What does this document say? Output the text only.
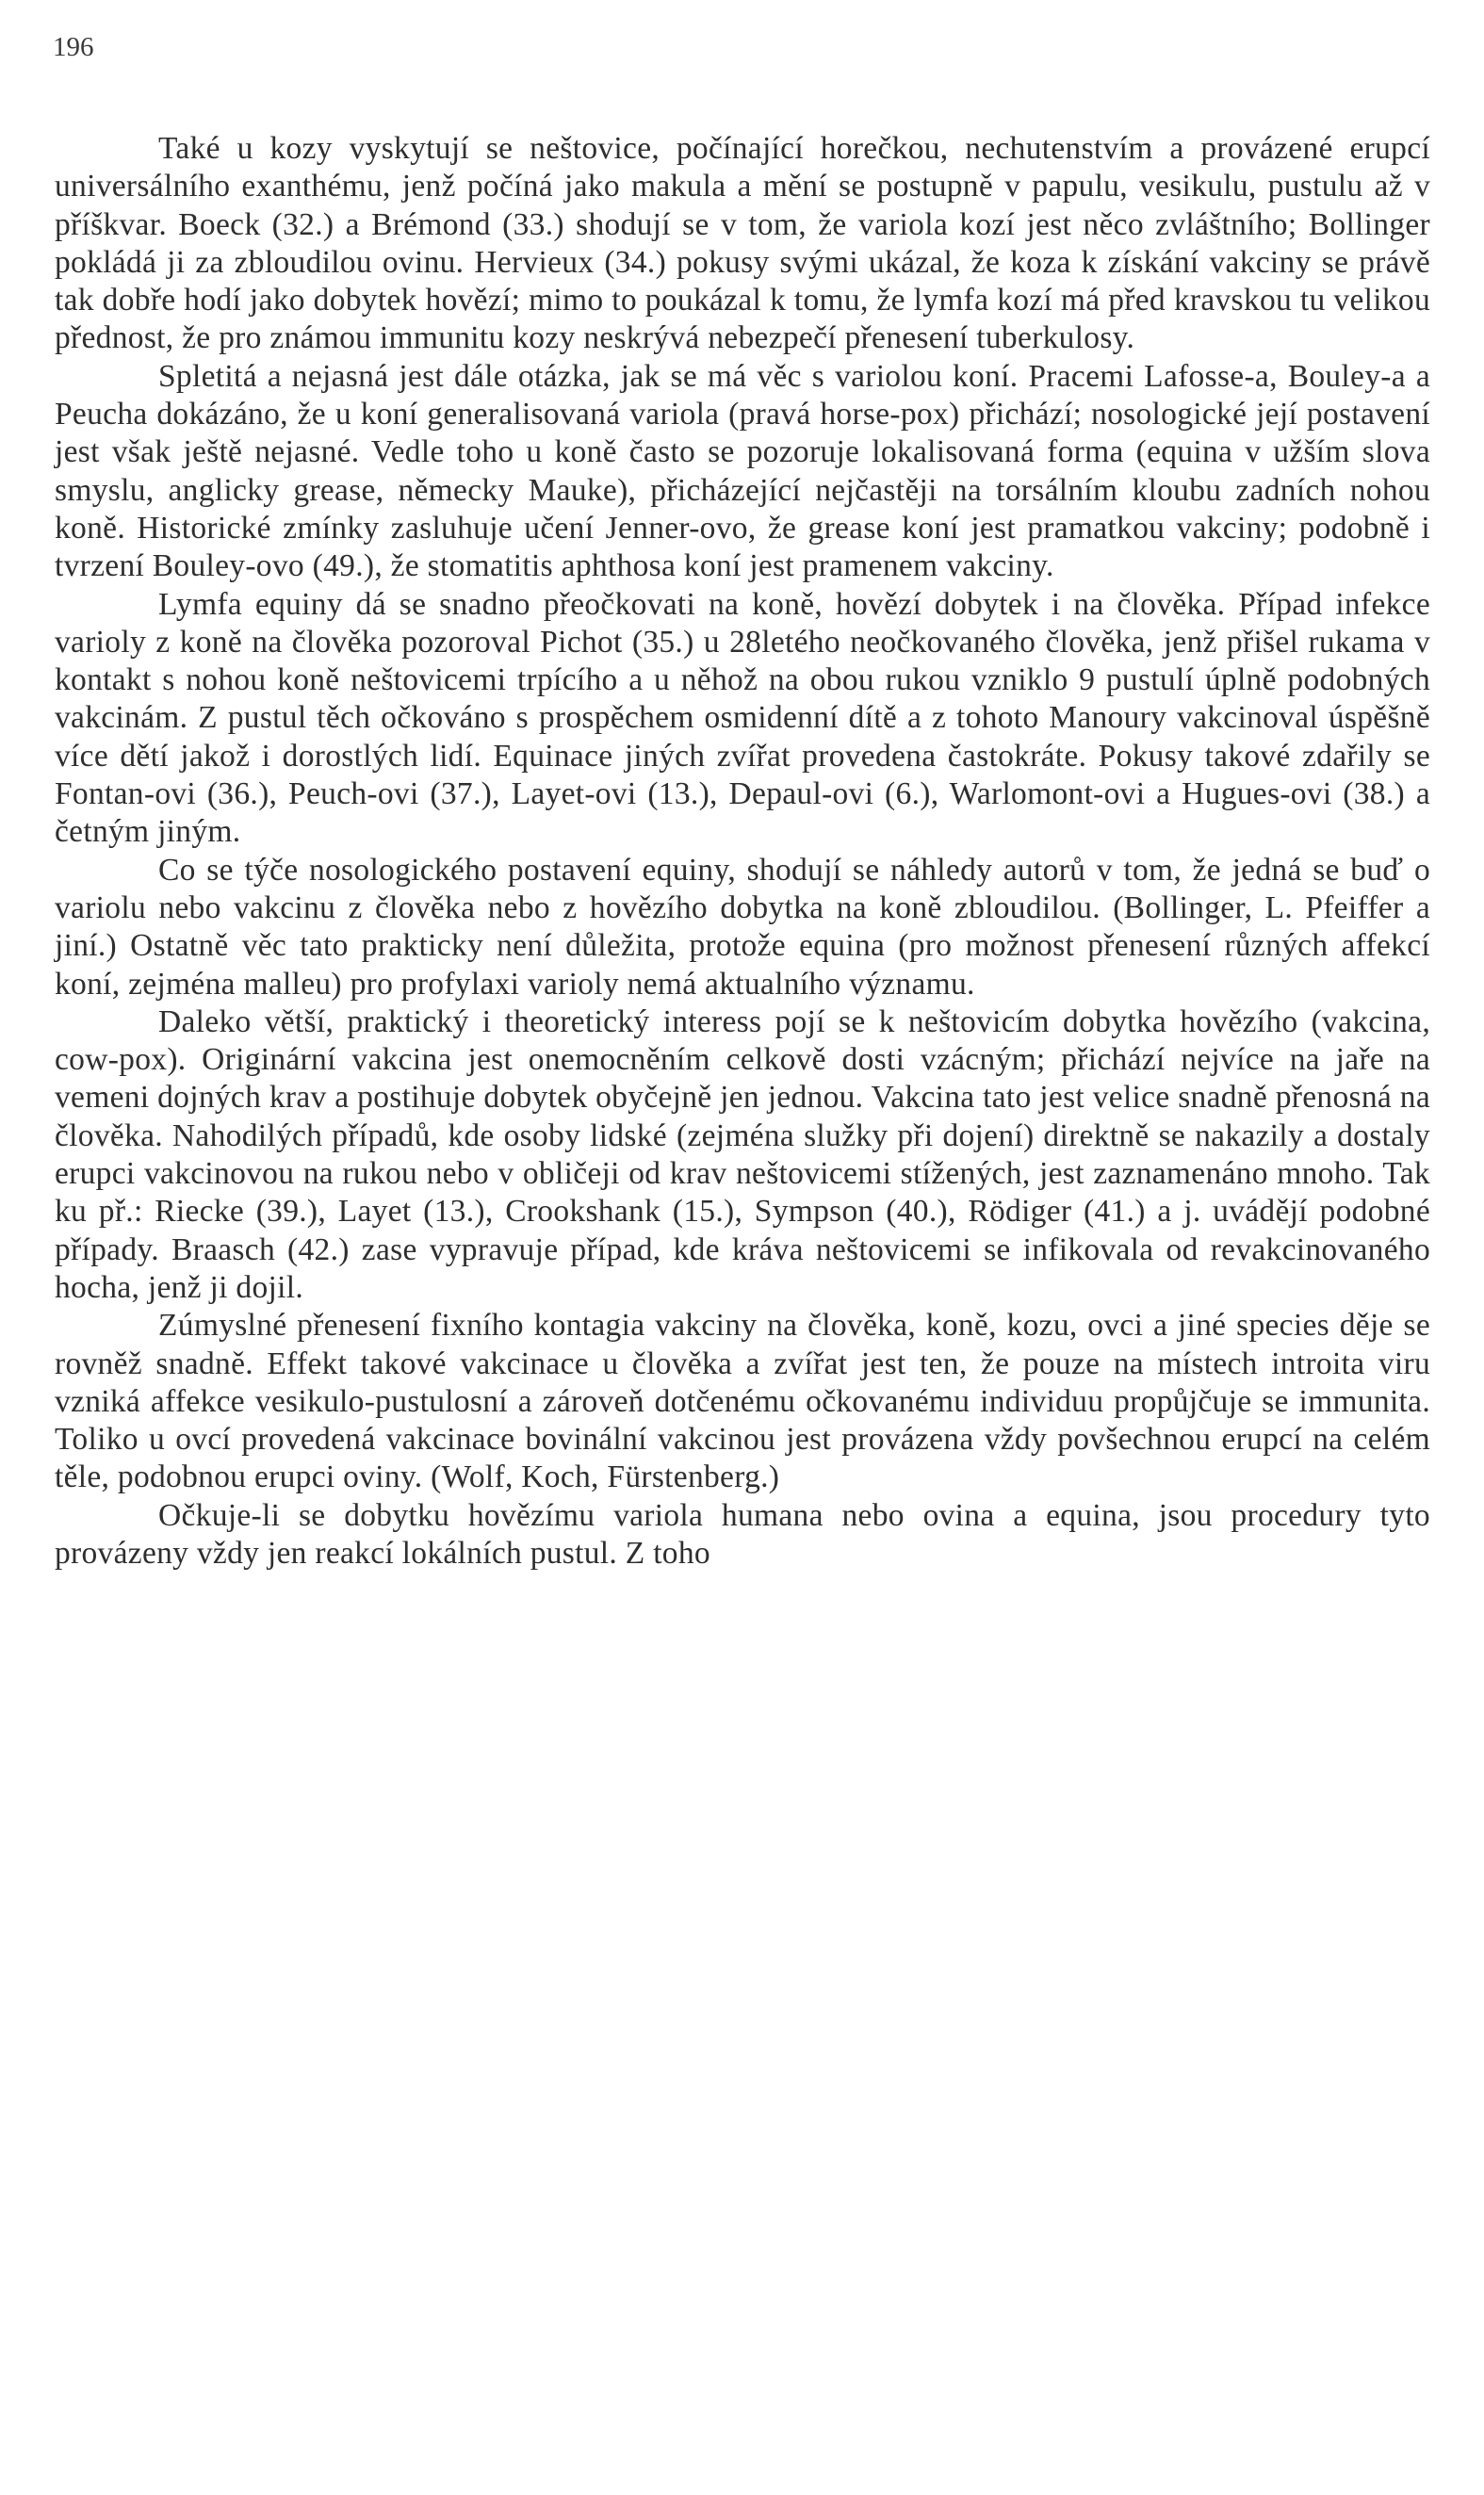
196

Také u kozy vyskytují se neštovice, počínající horečkou, nechutenstvím a provázené erupcí universálního exanthému, jenž počíná jako makula a mění se postupně v papulu, vesikulu, pustulu až v příškvar. Boeck (32.) a Brémond (33.) shodují se v tom, že variola kozí jest něco zvláštního; Bollinger pokládá ji za zbloudilou ovinu. Hervieux (34.) pokusy svými ukázal, že koza k získání vakciny se právě tak dobře hodí jako dobytek hovězí; mimo to poukázal k tomu, že lymfa kozí má před kravskou tu velikou přednost, že pro známou immunitu kozy neskrývá nebezpečí přenesení tuberkulosy.

Spletitá a nejasná jest dále otázka, jak se má věc s variolou koní. Pracemi Lafosse-a, Bouley-a a Peucha dokázáno, že u koní generalisovaná variola (pravá horse-pox) přichází; nosologické její postavení jest však ještě nejasné. Vedle toho u koně často se pozoruje lokalisovaná forma (equina v užším slova smyslu, anglicky grease, německy Mauke), přicházející nejčastěji na torsálním kloubu zadních nohou koně. Historické zmínky zasluhuje učení Jenner-ovo, že grease koní jest pramatkou vakciny; podobně i tvrzení Bouley-ovo (49.), že stomatitis aphthosa koní jest pramenem vakciny.

Lymfa equiny dá se snadno přeočkovati na koně, hovězí dobytek i na člověka. Případ infekce varioly z koně na člověka pozoroval Pichot (35.) u 28letého neočkovaného člověka, jenž přišel rukama v kontakt s nohou koně neštovicemi trpícího a u něhož na obou rukou vzniklo 9 pustulí úplně podobných vakcinám. Z pustul těch očkováno s prospěchem osmidenní dítě a z tohoto Manoury vakcinoval úspěšně více dětí jakož i dorostlých lidí. Equinace jiných zvířat provedena častokráte. Pokusy takové zdařily se Fontan-ovi (36.), Peuch-ovi (37.), Layet-ovi (13.), Depaul-ovi (6.), Warlomont-ovi a Hugues-ovi (38.) a četným jiným.

Co se týče nosologického postavení equiny, shodují se náhledy autorů v tom, že jedná se buď o variolu nebo vakcinu z člověka nebo z hovězího dobytka na koně zbloudilou. (Bollinger, L. Pfeiffer a jiní.) Ostatně věc tato prakticky není důležita, protože equina (pro možnost přenesení různých affekcí koní, zejména malleu) pro profylaxi varioly nemá aktualního významu.

Daleko větší, praktický i theoretický interess pojí se k neštovicím dobytka hovězího (vakcina, cow-pox). Originární vakcina jest onemocněním celkově dosti vzácným; přichází nejvíce na jaře na vemeni dojných krav a postihuje dobytek obyčejně jen jednou. Vakcina tato jest velice snadně přenosná na člověka. Nahodilých případů, kde osoby lidské (zejména služky při dojení) direktně se nakazily a dostaly erupci vakcinovou na rukou nebo v obličeji od krav neštovicemi stížených, jest zaznamenáno mnoho. Tak ku př.: Riecke (39.), Layet (13.), Crookshank (15.), Sympson (40.), Rödiger (41.) a j. uvádějí podobné případy. Braasch (42.) zase vypravuje případ, kde kráva neštovicemi se infikovala od revakcinovaného hocha, jenž ji dojil.

Zúmyslné přenesení fixního kontagia vakciny na člověka, koně, kozu, ovci a jiné species děje se rovněž snadně. Effekt takové vakcinace u člověka a zvířat jest ten, že pouze na místech introita viru vzniká affekce vesikulo-pustulosní a zároveň dotčenému očkovanému individuu propůjčuje se immunita. Toliko u ovcí provedená vakcinace bovinální vakcinou jest provázena vždy povšechnou erupcí na celém těle, podobnou erupci oviny. (Wolf, Koch, Fürstenberg.)

Očkuje-li se dobytku hovězímu variola humana nebo ovina a equina, jsou procedury tyto provázeny vždy jen reakcí lokálních pustul. Z toho
